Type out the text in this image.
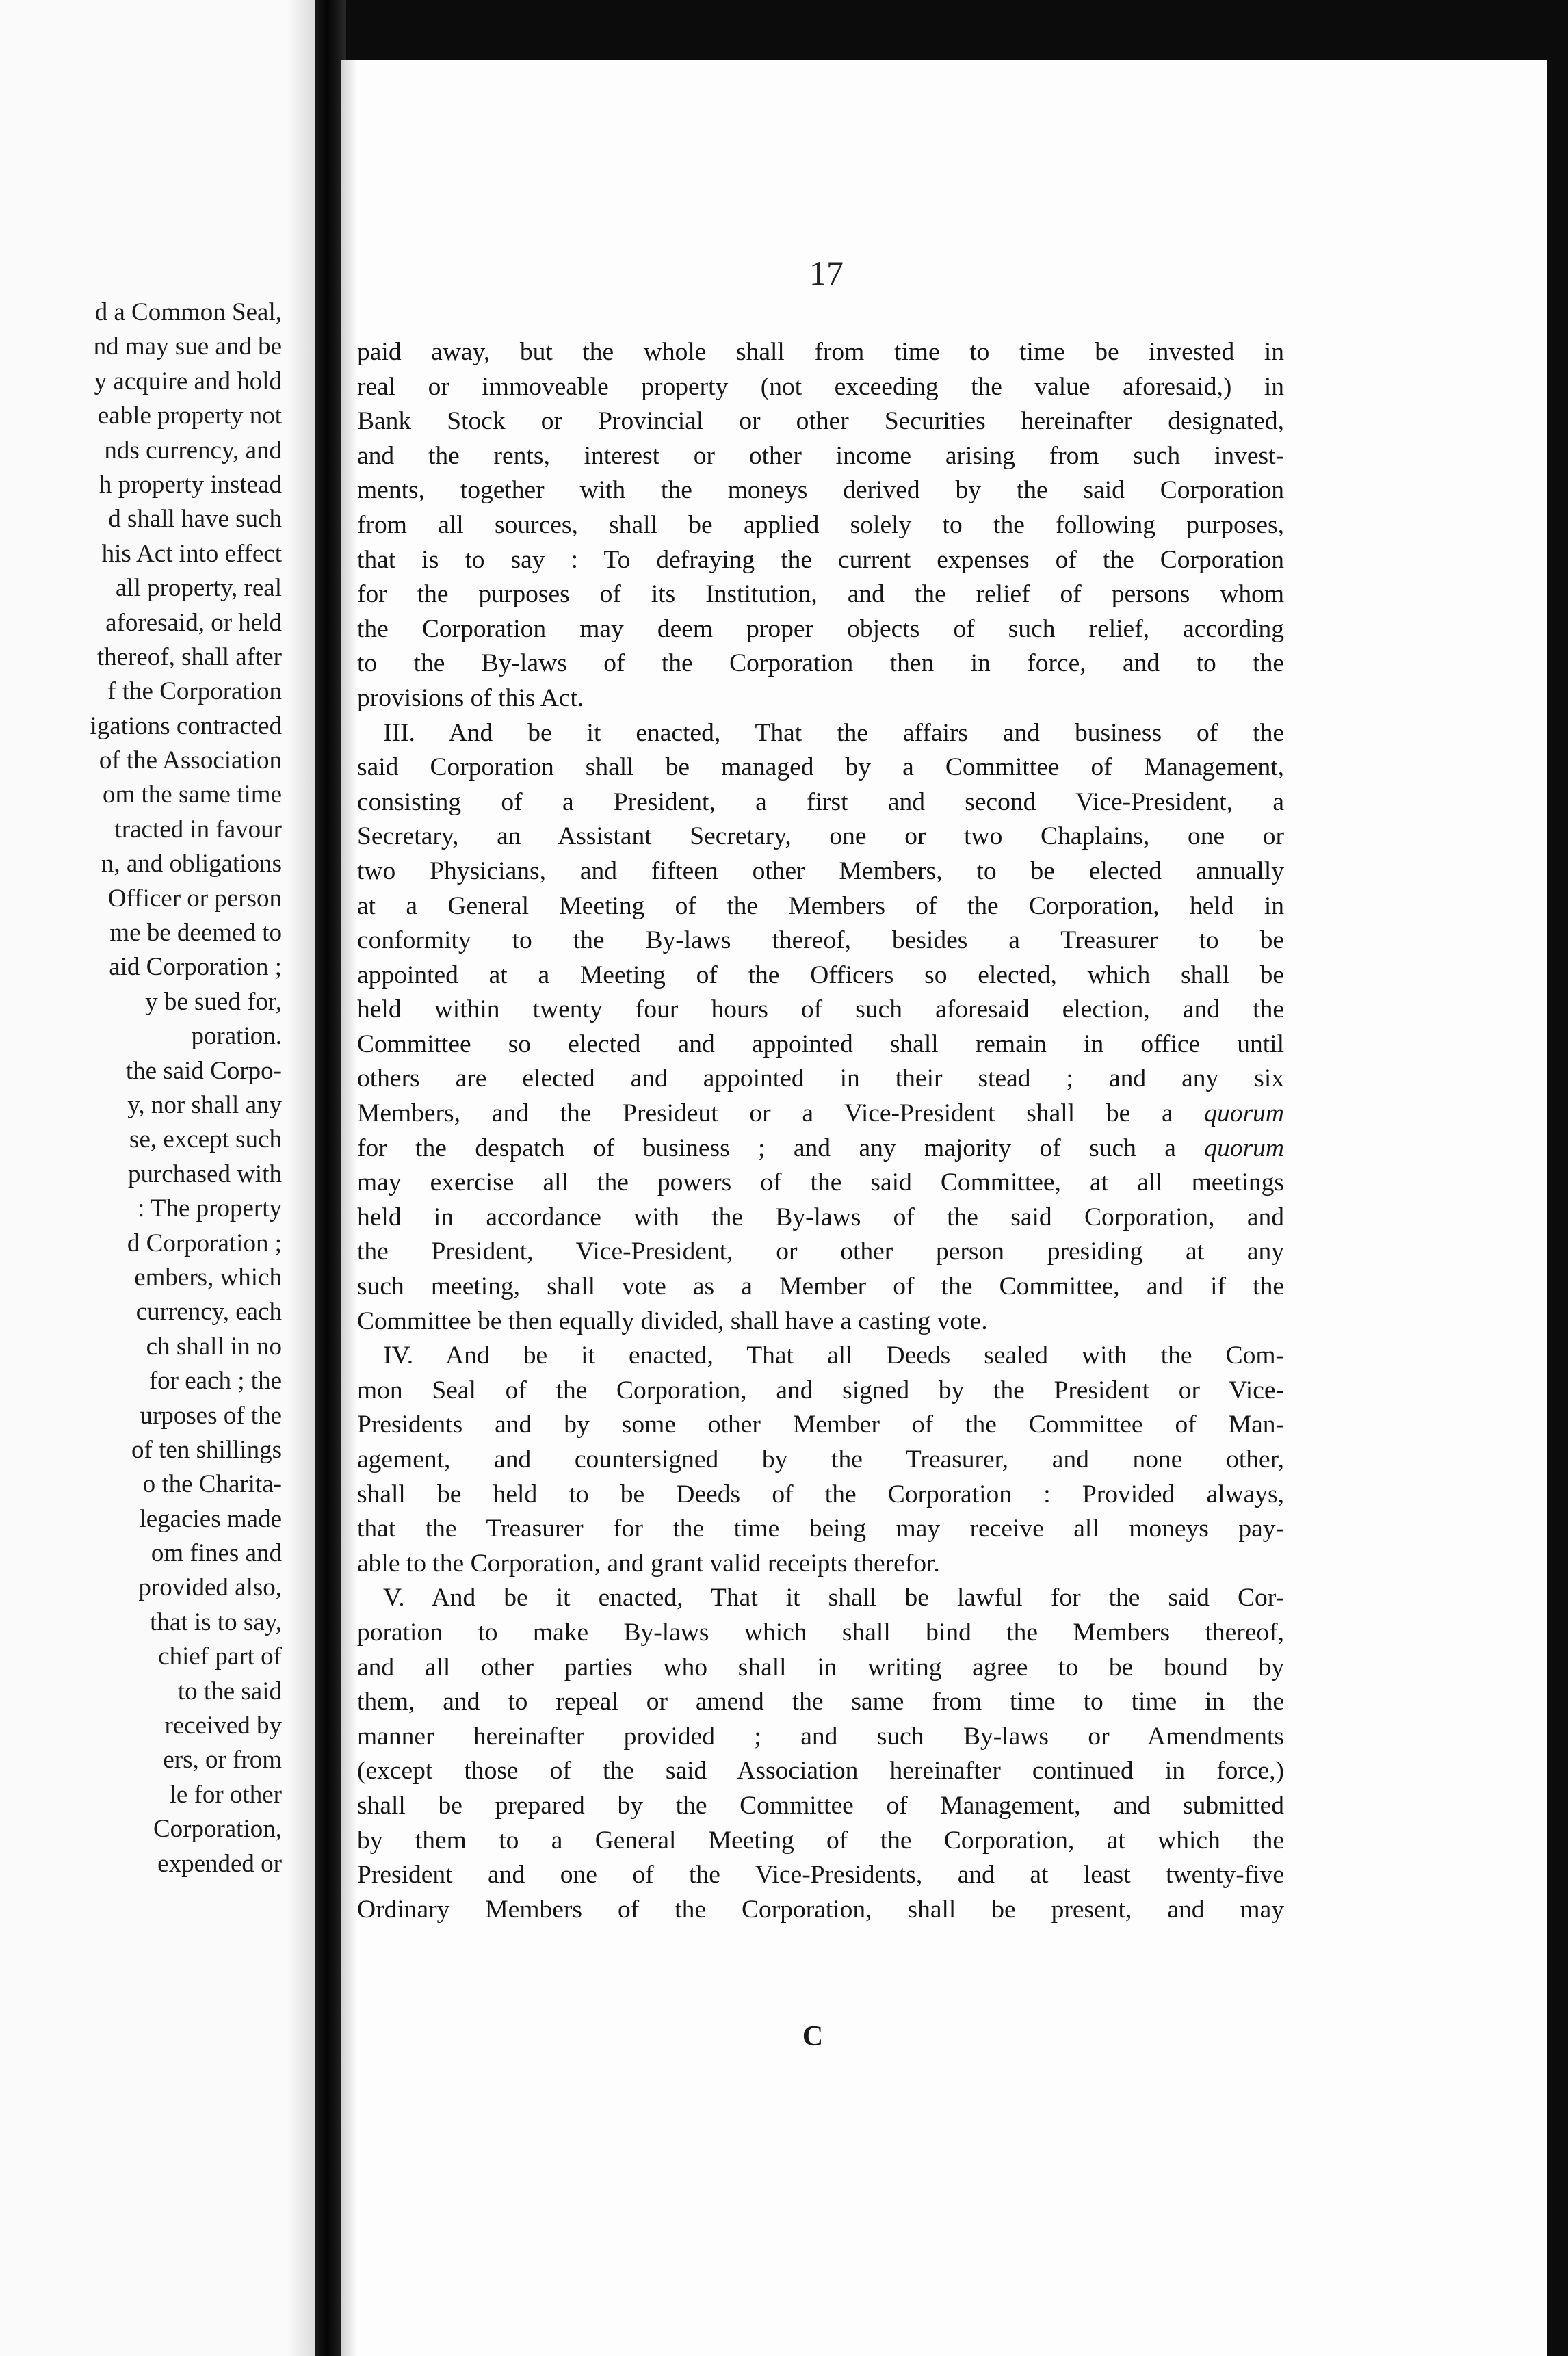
d a Common Seal,
nd may sue and be
y acquire and hold
eable property not
nds currency, and
h property instead
d shall have such
his Act into effect
all property, real
aforesaid, or held
thereof, shall after
f the Corporation
igations contracted
of the Association
om the same time
tracted in favour
n, and obligations
Officer or person
me be deemed to
aid Corporation ;
y be sued for,
poration.
the said Corpo-
y, nor shall any
se, except such
purchased with
: The property
d Corporation ;
embers, which
currency, each
ch shall in no
for each ; the
urposes of the
of ten shillings
o the Charita-
legacies made
om fines and
provided also,
that is to say,
chief part of
to the said
received by
ers, or from
le for other
Corporation,
expended or
17
paid away, but the whole shall from time to time be invested in
real or immoveable property (not exceeding the value aforesaid,) in
Bank Stock or Provincial or other Securities hereinafter designated,
and the rents, interest or other income arising from such invest-
ments, together with the moneys derived by the said Corporation
from all sources, shall be applied solely to the following purposes,
that is to say : To defraying the current expenses of the Corporation
for the purposes of its Institution, and the relief of persons whom
the Corporation may deem proper objects of such relief, according
to the By-laws of the Corporation then in force, and to the
provisions of this Act.
III. And be it enacted, That the affairs and business of the
said Corporation shall be managed by a Committee of Management,
consisting of a President, a first and second Vice-President, a
Secretary, an Assistant Secretary, one or two Chaplains, one or
two Physicians, and fifteen other Members, to be elected annually
at a General Meeting of the Members of the Corporation, held in
conformity to the By-laws thereof, besides a Treasurer to be
appointed at a Meeting of the Officers so elected, which shall be
held within twenty four hours of such aforesaid election, and the
Committee so elected and appointed shall remain in office until
others are elected and appointed in their stead ; and any six
Members, and the Presideut or a Vice-President shall be a quorum
for the despatch of business ; and any majority of such a quorum
may exercise all the powers of the said Committee, at all meetings
held in accordance with the By-laws of the said Corporation, and
the President, Vice-President, or other person presiding at any
such meeting, shall vote as a Member of the Committee, and if the
Committee be then equally divided, shall have a casting vote.
IV. And be it enacted, That all Deeds sealed with the Com-
mon Seal of the Corporation, and signed by the President or Vice-
Presidents and by some other Member of the Committee of Man-
agement, and countersigned by the Treasurer, and none other,
shall be held to be Deeds of the Corporation : Provided always,
that the Treasurer for the time being may receive all moneys pay-
able to the Corporation, and grant valid receipts therefor.
V. And be it enacted, That it shall be lawful for the said Cor-
poration to make By-laws which shall bind the Members thereof,
and all other parties who shall in writing agree to be bound by
them, and to repeal or amend the same from time to time in the
manner hereinafter provided ; and such By-laws or Amendments
(except those of the said Association hereinafter continued in force,)
shall be prepared by the Committee of Management, and submitted
by them to a General Meeting of the Corporation, at which the
President and one of the Vice-Presidents, and at least twenty-five
Ordinary Members of the Corporation, shall be present, and may
C
